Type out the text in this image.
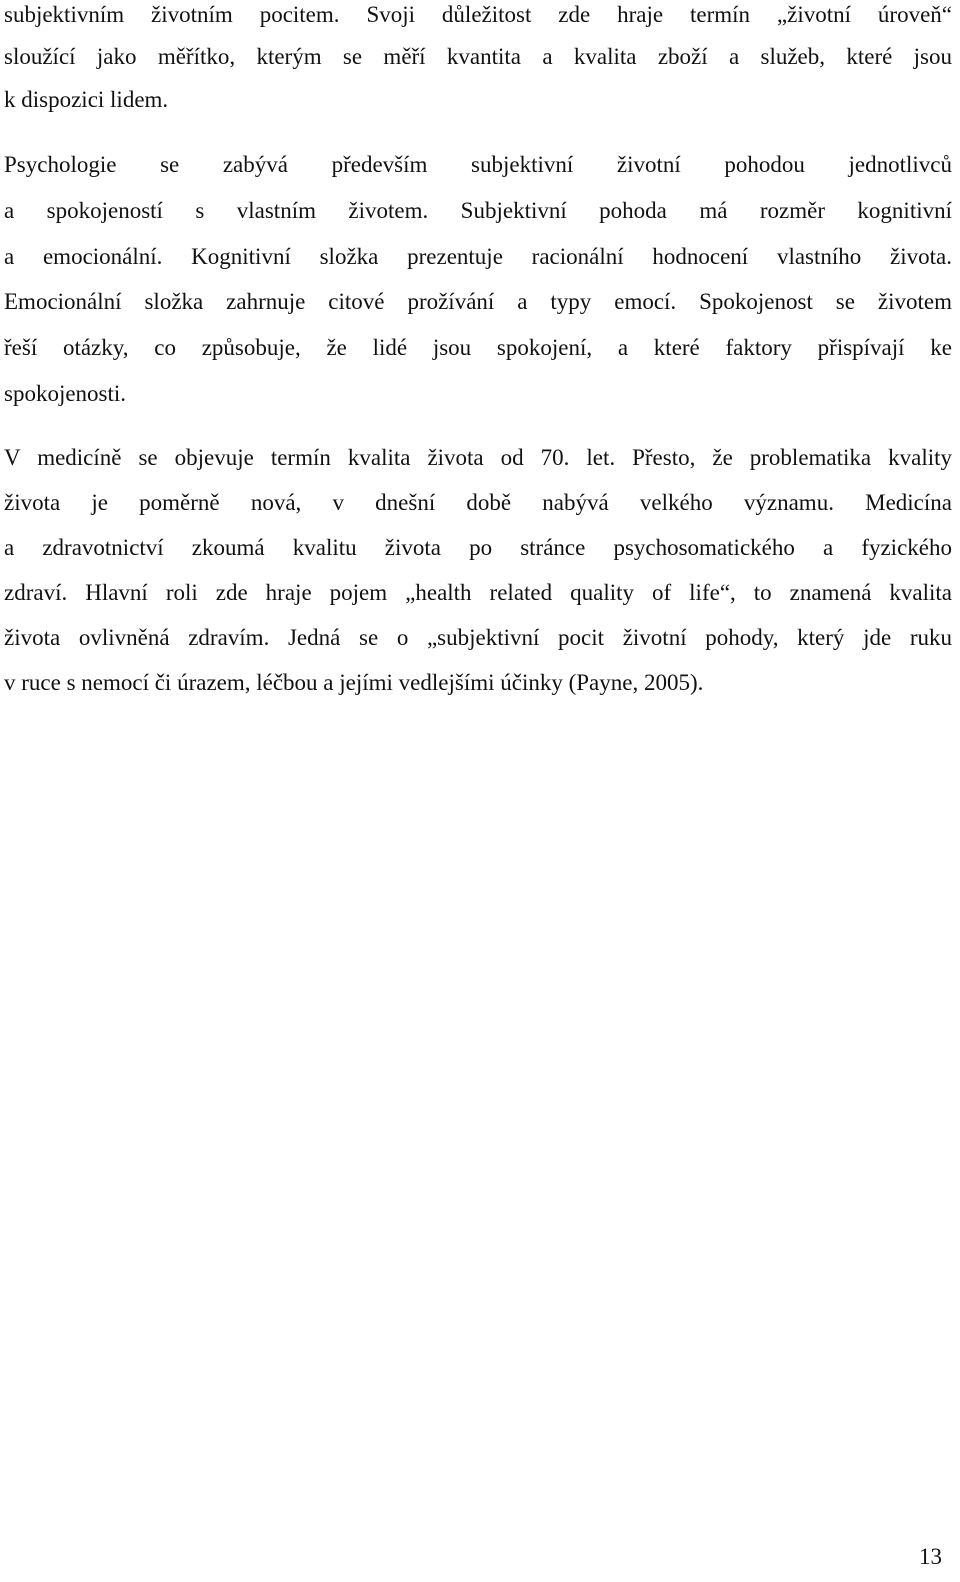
subjektivním životním pocitem. Svoji důležitost zde hraje termín „životní úroveň“
sloužící jako měřítko, kterým se měří kvantita a kvalita zboží a služeb, které jsou
k dispozici lidem.
Psychologie se zabývá především subjektivní životní pohodou jednotlivců
a spokojeností s vlastním životem. Subjektivní pohoda má rozměr kognitivní
a emocionální. Kognitivní složka prezentuje racionální hodnocení vlastního života.
Emocionální složka zahrnuje citové prožívání a typy emocí. Spokojenost se životem
řeší otázky, co způsobuje, že lidé jsou spokojení, a které faktory přispívají ke
spokojenosti.
V medicíně se objevuje termín kvalita života od 70. let. Přesto, že problematika kvality
života je poměrně nová, v dnešní době nabývá velkého významu. Medicína
a zdravotnictví zkoumá kvalitu života po stránce psychosomatického a fyzického
zdraví. Hlavní roli zde hraje pojem „health related quality of life“, to znamená kvalita
života ovlivněná zdravím. Jedná se o „subjektivní pocit životní pohody, který jde ruku
v ruce s nemocí či úrazem, léčbou a jejími vedlejšími účinky (Payne, 2005).
13
